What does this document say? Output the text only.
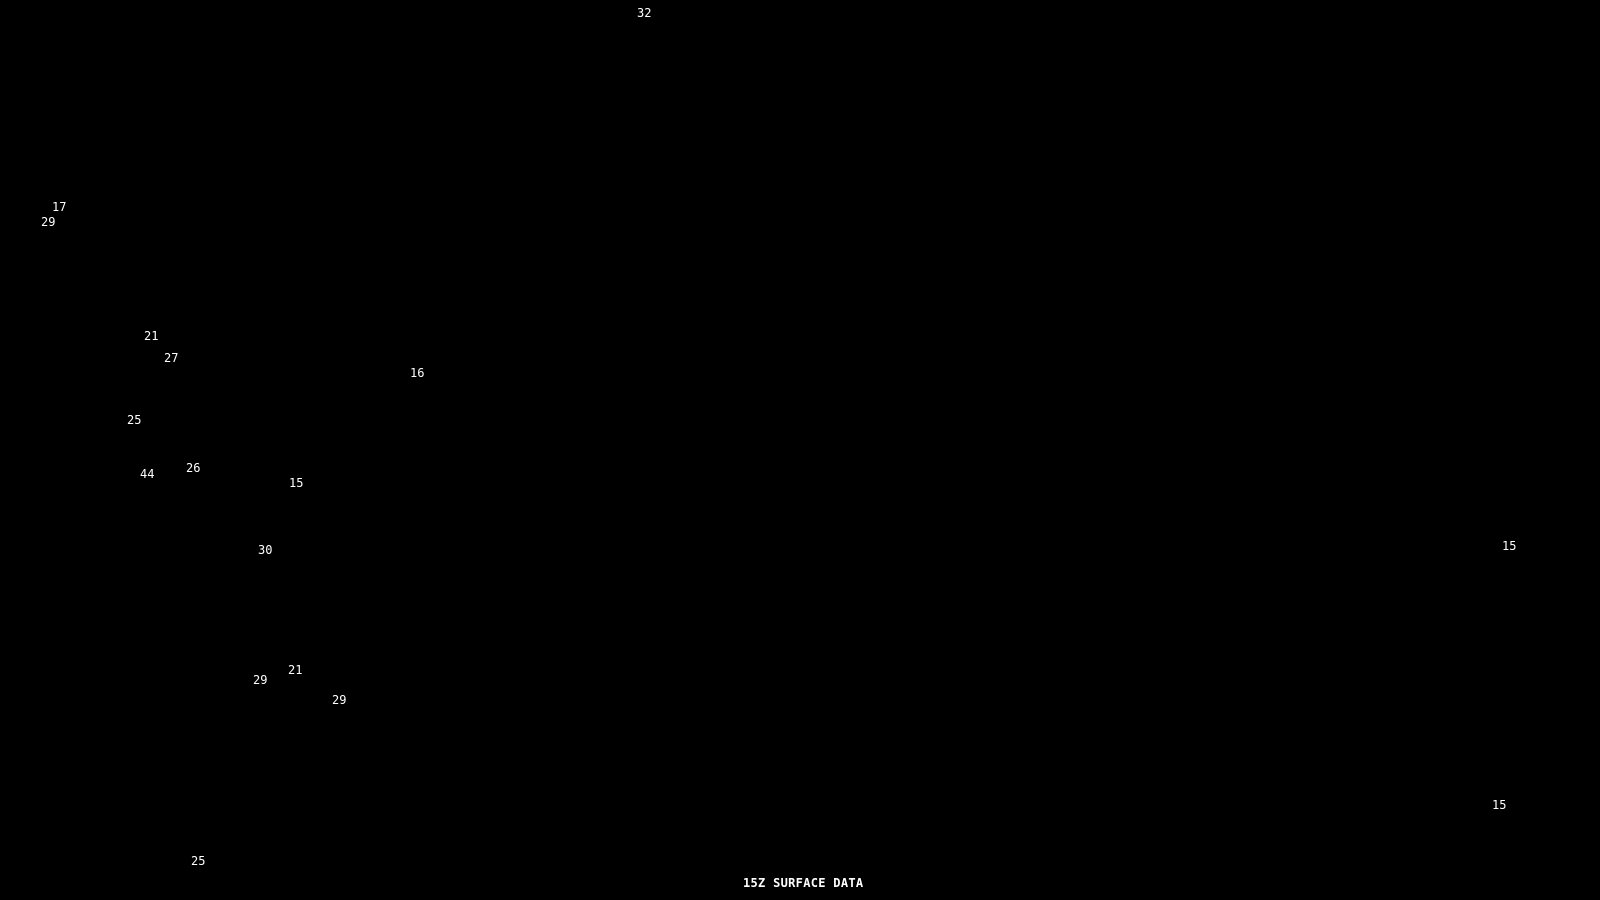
15Z SURFACE DATA
32
17
29
21
27
16
25
26
44
15
30	15
21
29
29
15
25
